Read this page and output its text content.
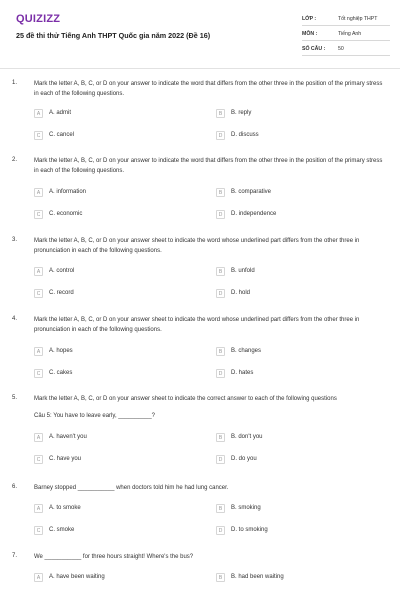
QUIZIZZ
25 đề thi thử Tiếng Anh THPT Quốc gia năm 2022 (Đề 16)
LỚP :	Tốt nghiệp THPT
MÔN :	Tiếng Anh
SỐ CÂU : 50
1.	Mark the letter A, B, C, or D on your answer to indicate the word that differs from the other three in the position of the primary stress in each of the following questions.
A	A. admit	B	B. reply
C	C. cancel	D	D. discuss
2.	Mark the letter A, B, C, or D on your answer to indicate the word that differs from the other three in the position of the primary stress in each of the following questions.
A	A. information	B	B. comparative
C	C. economic	D	D. independence
3.	Mark the letter A, B, C, or D on your answer sheet to indicate the word whose underlined part differs from the other three in pronunciation in each of the following questions.
A	A. control	B	B. unfold
C	C. record	D	D. hold
4.	Mark the letter A, B, C, or D on your answer sheet to indicate the word whose underlined part differs from the other three in pronunciation in each of the following questions.
A	A. hopes	B	B. changes
C	C. cakes	D	D. hates
5.	Mark the letter A, B, C, or D on your answer sheet to indicate the correct answer to each of the following questions
Câu 5: You have to leave early, __________?
A	A. haven't you	B	B. don't you
C	C. have you	D	D. do you
6.	Barney stopped ___________ when doctors told him he had lung cancer.
A	A. to smoke	B	B. smoking
C	C. smoke	D	D. to smoking
7.	We ___________ for three hours straight! Where's the bus?
A	A. have been waiting	B	B. had been waiting
